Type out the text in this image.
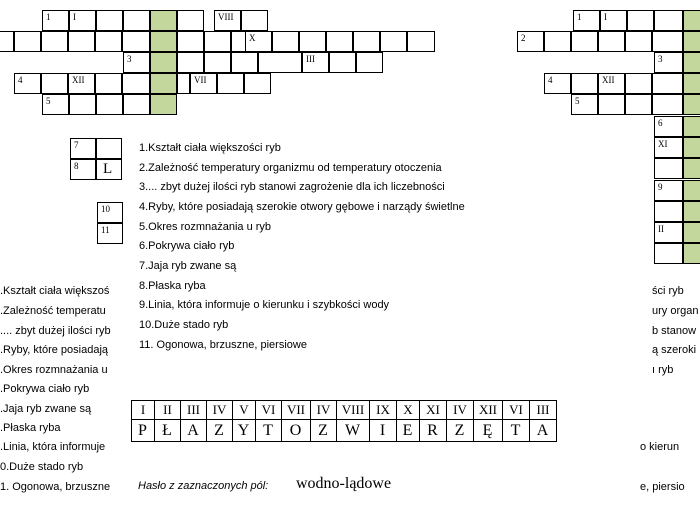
1	I	VIII
X
3	III
4	XII	VII
5
7
8	L
10
11
1	I
2
3
4	XII
5
6
XI
9
II
1.Kształt ciała większości ryb
2.Zależność temperatury organizmu od temperatury otoczenia
3.... zbyt dużej ilości ryb stanowi zagrożenie dla ich liczebności
4.Ryby, które posiadają szerokie otwory gębowe i narządy świetlne
5.Okres rozmnażania u ryb
6.Pokrywa ciało ryb
7.Jaja ryb zwane są
8.Płaska ryba
9.Linia, która informuje o kierunku i szybkości wody
10.Duże stado ryb
11. Ogonowa, brzuszne, piersiowe
.Kształt ciała większoś
.Zależność temperatu
.... zbyt dużej ilości ryb
.Ryby, które posiadają
.Okres rozmnażania u
.Pokrywa ciało ryb
.Jaja ryb zwane są
.Płaska ryba
.Linia, która informuje
0.Duże stado ryb
1. Ogonowa, brzuszne
ści ryb
ury organ
b stanow
ą szeroki
ı ryb
o kierun
e, piersio
I	II	III	IV	V	VI	VII	IV	VIII	IX	X	XI	IV	XII	VI	III
P	Ł	A	Z	Y	T	O	Z	W	I	E	R	Z	Ę	T	A
Hasło z zaznaczonych pól: wodno-lądowe
